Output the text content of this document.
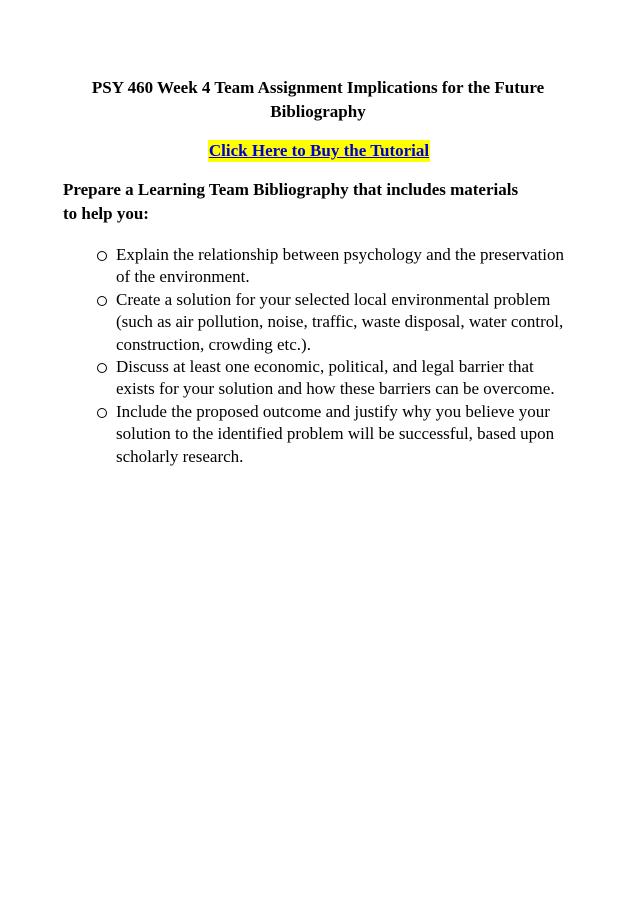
PSY 460 Week 4 Team Assignment Implications for the Future Bibliography
Click Here to Buy the Tutorial
Prepare a Learning Team Bibliography that includes materials to help you:
Explain the relationship between psychology and the preservation of the environment.
Create a solution for your selected local environmental problem (such as air pollution, noise, traffic, waste disposal, water control, construction, crowding etc.).
Discuss at least one economic, political, and legal barrier that exists for your solution and how these barriers can be overcome.
Include the proposed outcome and justify why you believe your solution to the identified problem will be successful, based upon scholarly research.
